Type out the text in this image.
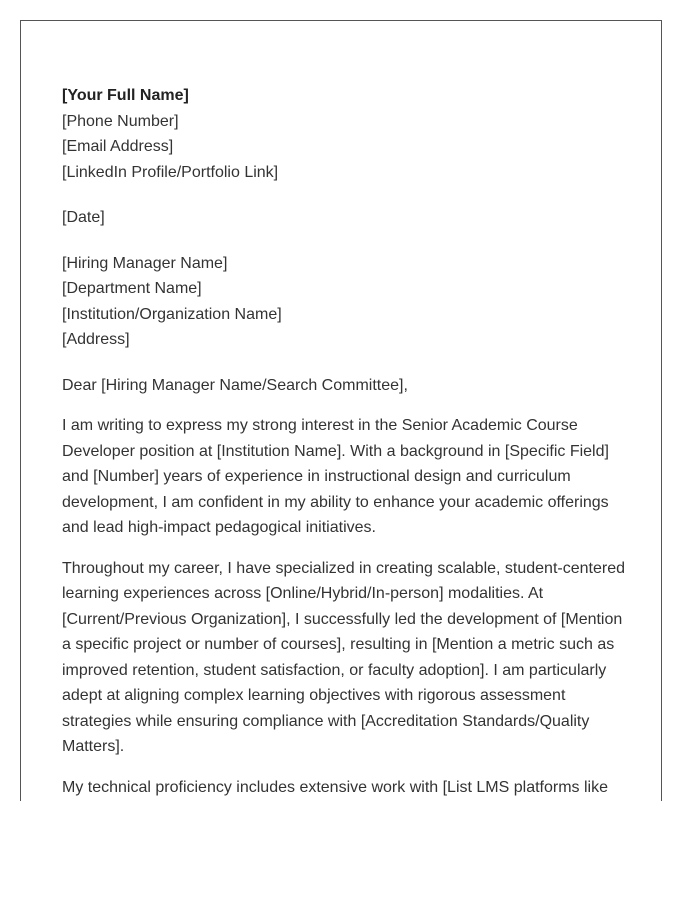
[Your Full Name]
[Phone Number]
[Email Address]
[LinkedIn Profile/Portfolio Link]
[Date]
[Hiring Manager Name]
[Department Name]
[Institution/Organization Name]
[Address]
Dear [Hiring Manager Name/Search Committee],

I am writing to express my strong interest in the Senior Academic Course Developer position at [Institution Name]. With a background in [Specific Field] and [Number] years of experience in instructional design and curriculum development, I am confident in my ability to enhance your academic offerings and lead high-impact pedagogical initiatives.

Throughout my career, I have specialized in creating scalable, student-centered learning experiences across [Online/Hybrid/In-person] modalities. At [Current/Previous Organization], I successfully led the development of [Mention a specific project or number of courses], resulting in [Mention a metric such as improved retention, student satisfaction, or faculty adoption]. I am particularly adept at aligning complex learning objectives with rigorous assessment strategies while ensuring compliance with [Accreditation Standards/Quality Matters].

My technical proficiency includes extensive work with [List LMS platforms like
